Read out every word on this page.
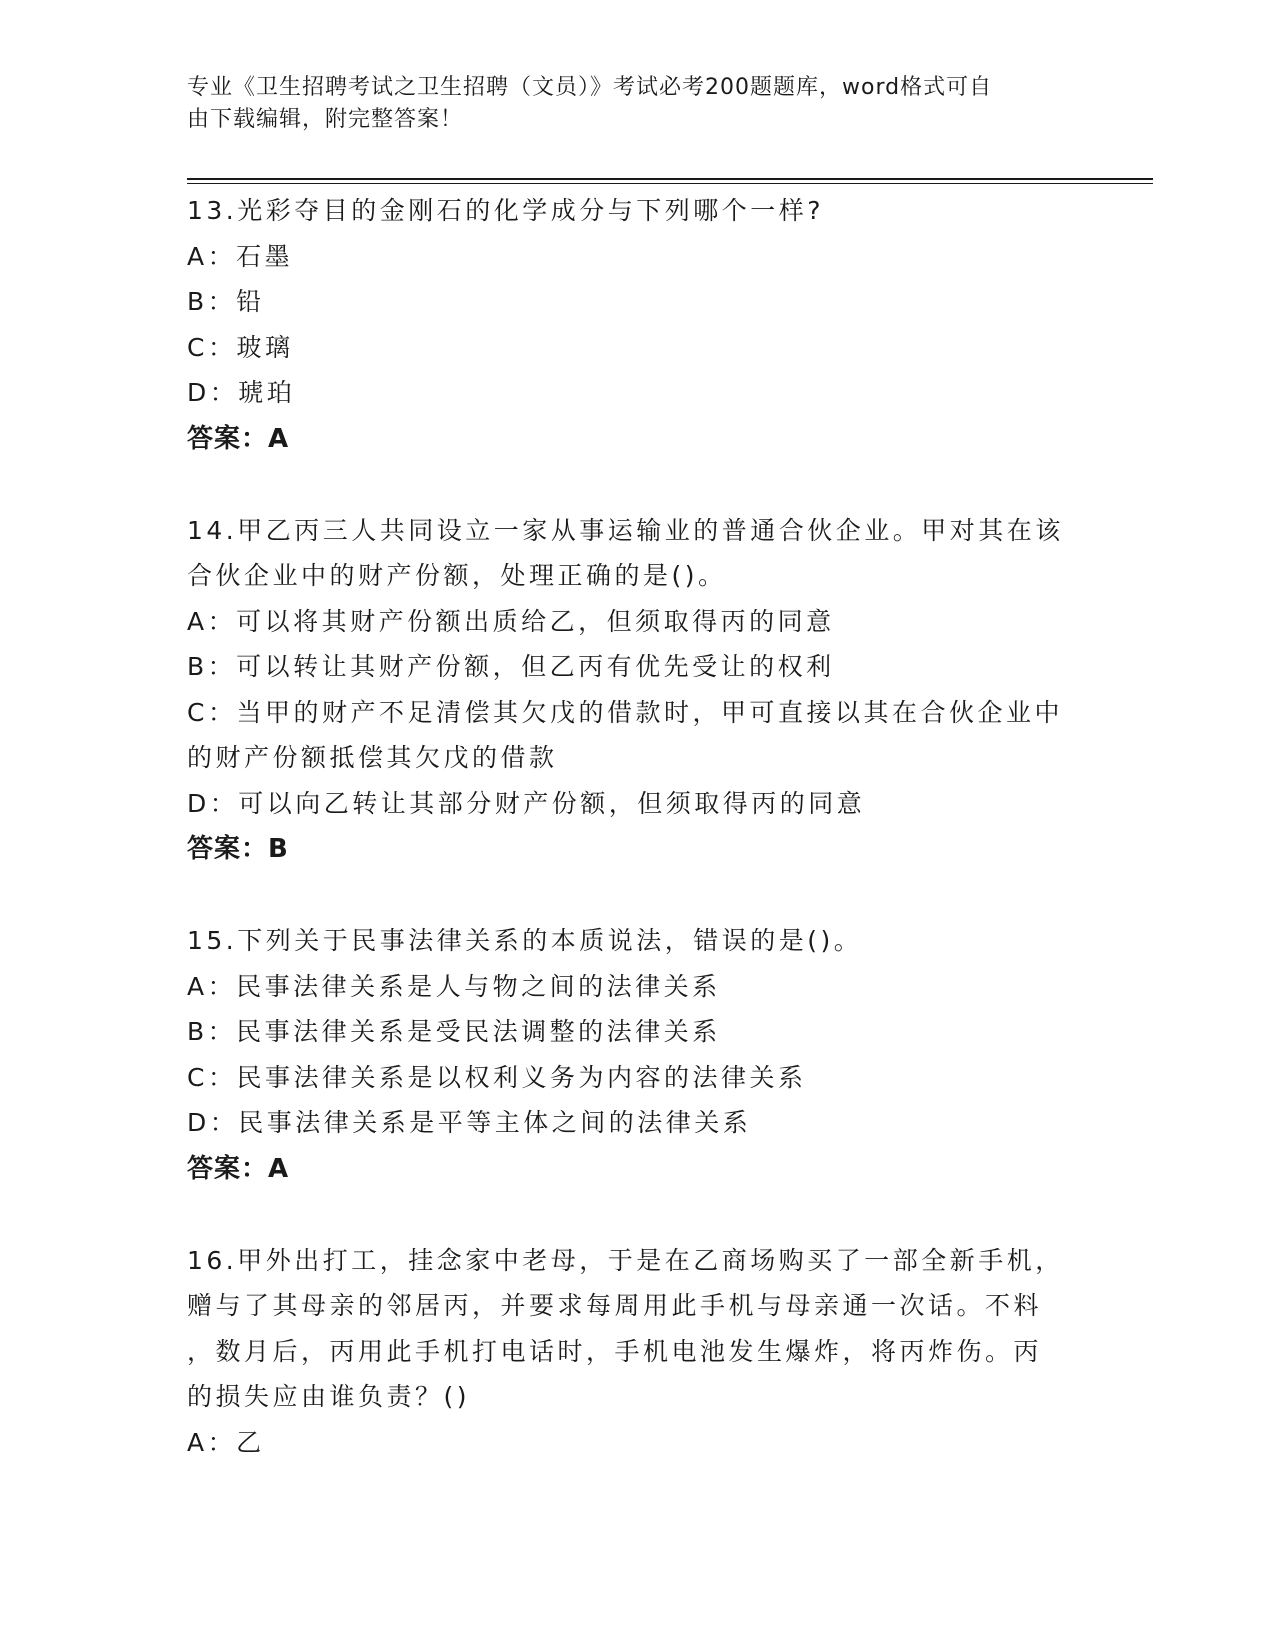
专业《卫生招聘考试之卫生招聘（文员）》考试必考200题题库，word格式可自
由下载编辑，附完整答案！
13.光彩夺目的金刚石的化学成分与下列哪个一样?
A：石墨
B：铅
C：玻璃
D：琥珀
答案：A
14.甲乙丙三人共同设立一家从事运输业的普通合伙企业。甲对其在该
合伙企业中的财产份额，处理正确的是()。
A：可以将其财产份额出质给乙，但须取得丙的同意
B：可以转让其财产份额，但乙丙有优先受让的权利
C：当甲的财产不足清偿其欠戊的借款时，甲可直接以其在合伙企业中
的财产份额抵偿其欠戊的借款
D：可以向乙转让其部分财产份额，但须取得丙的同意
答案：B
15.下列关于民事法律关系的本质说法，错误的是()。
A：民事法律关系是人与物之间的法律关系
B：民事法律关系是受民法调整的法律关系
C：民事法律关系是以权利义务为内容的法律关系
D：民事法律关系是平等主体之间的法律关系
答案：A
16.甲外出打工，挂念家中老母，于是在乙商场购买了一部全新手机，
赠与了其母亲的邻居丙，并要求每周用此手机与母亲通一次话。不料
，数月后，丙用此手机打电话时，手机电池发生爆炸，将丙炸伤。丙
的损失应由谁负责？()
A：乙
